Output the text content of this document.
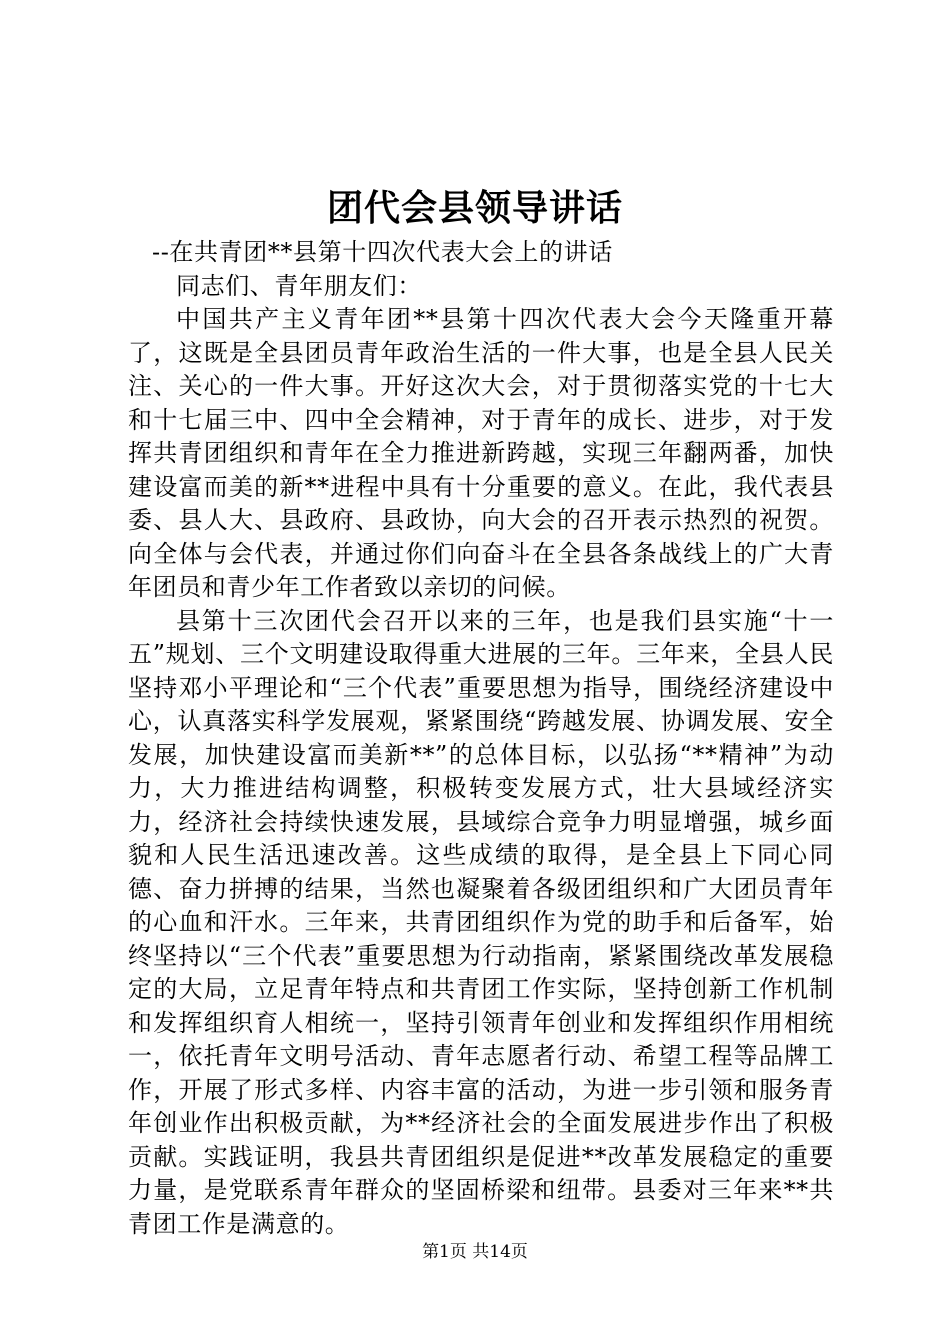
团代会县领导讲话

--在共青团**县第十四次代表大会上的讲话

同志们、青年朋友们：

中国共产主义青年团**县第十四次代表大会今天隆重开幕了，这既是全县团员青年政治生活的一件大事，也是全县人民关注、关心的一件大事。开好这次大会，对于贯彻落实党的十七大和十七届三中、四中全会精神，对于青年的成长、进步，对于发挥共青团组织和青年在全力推进新跨越，实现三年翻两番，加快建设富而美的新**进程中具有十分重要的意义。在此，我代表县委、县人大、县政府、县政协，向大会的召开表示热烈的祝贺。向全体与会代表，并通过你们向奋斗在全县各条战线上的广大青年团员和青少年工作者致以亲切的问候。

县第十三次团代会召开以来的三年，也是我们县实施“十一五”规划、三个文明建设取得重大进展的三年。三年来，全县人民坚持邓小平理论和“三个代表”重要思想为指导，围绕经济建设中心，认真落实科学发展观，紧紧围绕“跨越发展、协调发展、安全发展，加快建设富而美新**”的总体目标，以弘扬“**精神”为动力，大力推进结构调整，积极转变发展方式，壮大县域经济实力，经济社会持续快速发展，县域综合竞争力明显增强，城乡面貌和人民生活迅速改善。这些成绩的取得，是全县上下同心同德、奋力拼搏的结果，当然也凝聚着各级团组织和广大团员青年的心血和汗水。三年来，共青团组织作为党的助手和后备军，始终坚持以“三个代表”重要思想为行动指南，紧紧围绕改革发展稳定的大局，立足青年特点和共青团工作实际，坚持创新工作机制和发挥组织育人相统一，坚持引领青年创业和发挥组织作用相统一，依托青年文明号活动、青年志愿者行动、希望工程等品牌工作，开展了形式多样、内容丰富的活动，为进一步引领和服务青年创业作出积极贡献，为**经济社会的全面发展进步作出了积极贡献。实践证明，我县共青团组织是促进**改革发展稳定的重要力量，是党联系青年群众的坚固桥梁和纽带。县委对三年来**共青团工作是满意的。

第1页 共14页
